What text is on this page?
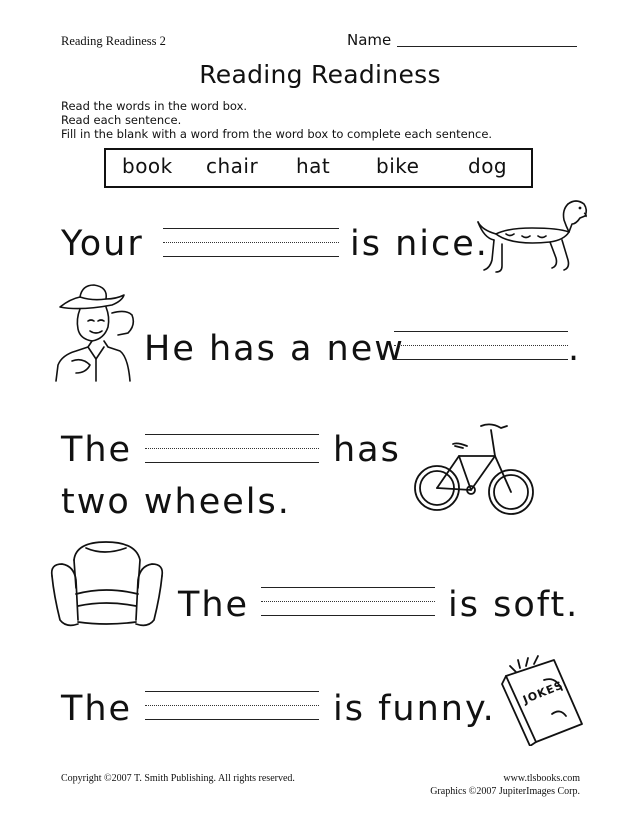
Reading Readiness 2	Name
Reading Readiness
Read the words in the word box.
Read each sentence.
Fill in the blank with a word from the word box to complete each sentence.
book chair hat bike dog
Your	is nice.
He has a new	.
The	has
two wheels.
The	is soft.
The	is funny. JOKES
Copyright ©2007 T. Smith Publishing. All rights reserved.	www.tlsbooks.com
Graphics ©2007 JupiterImages Corp.
